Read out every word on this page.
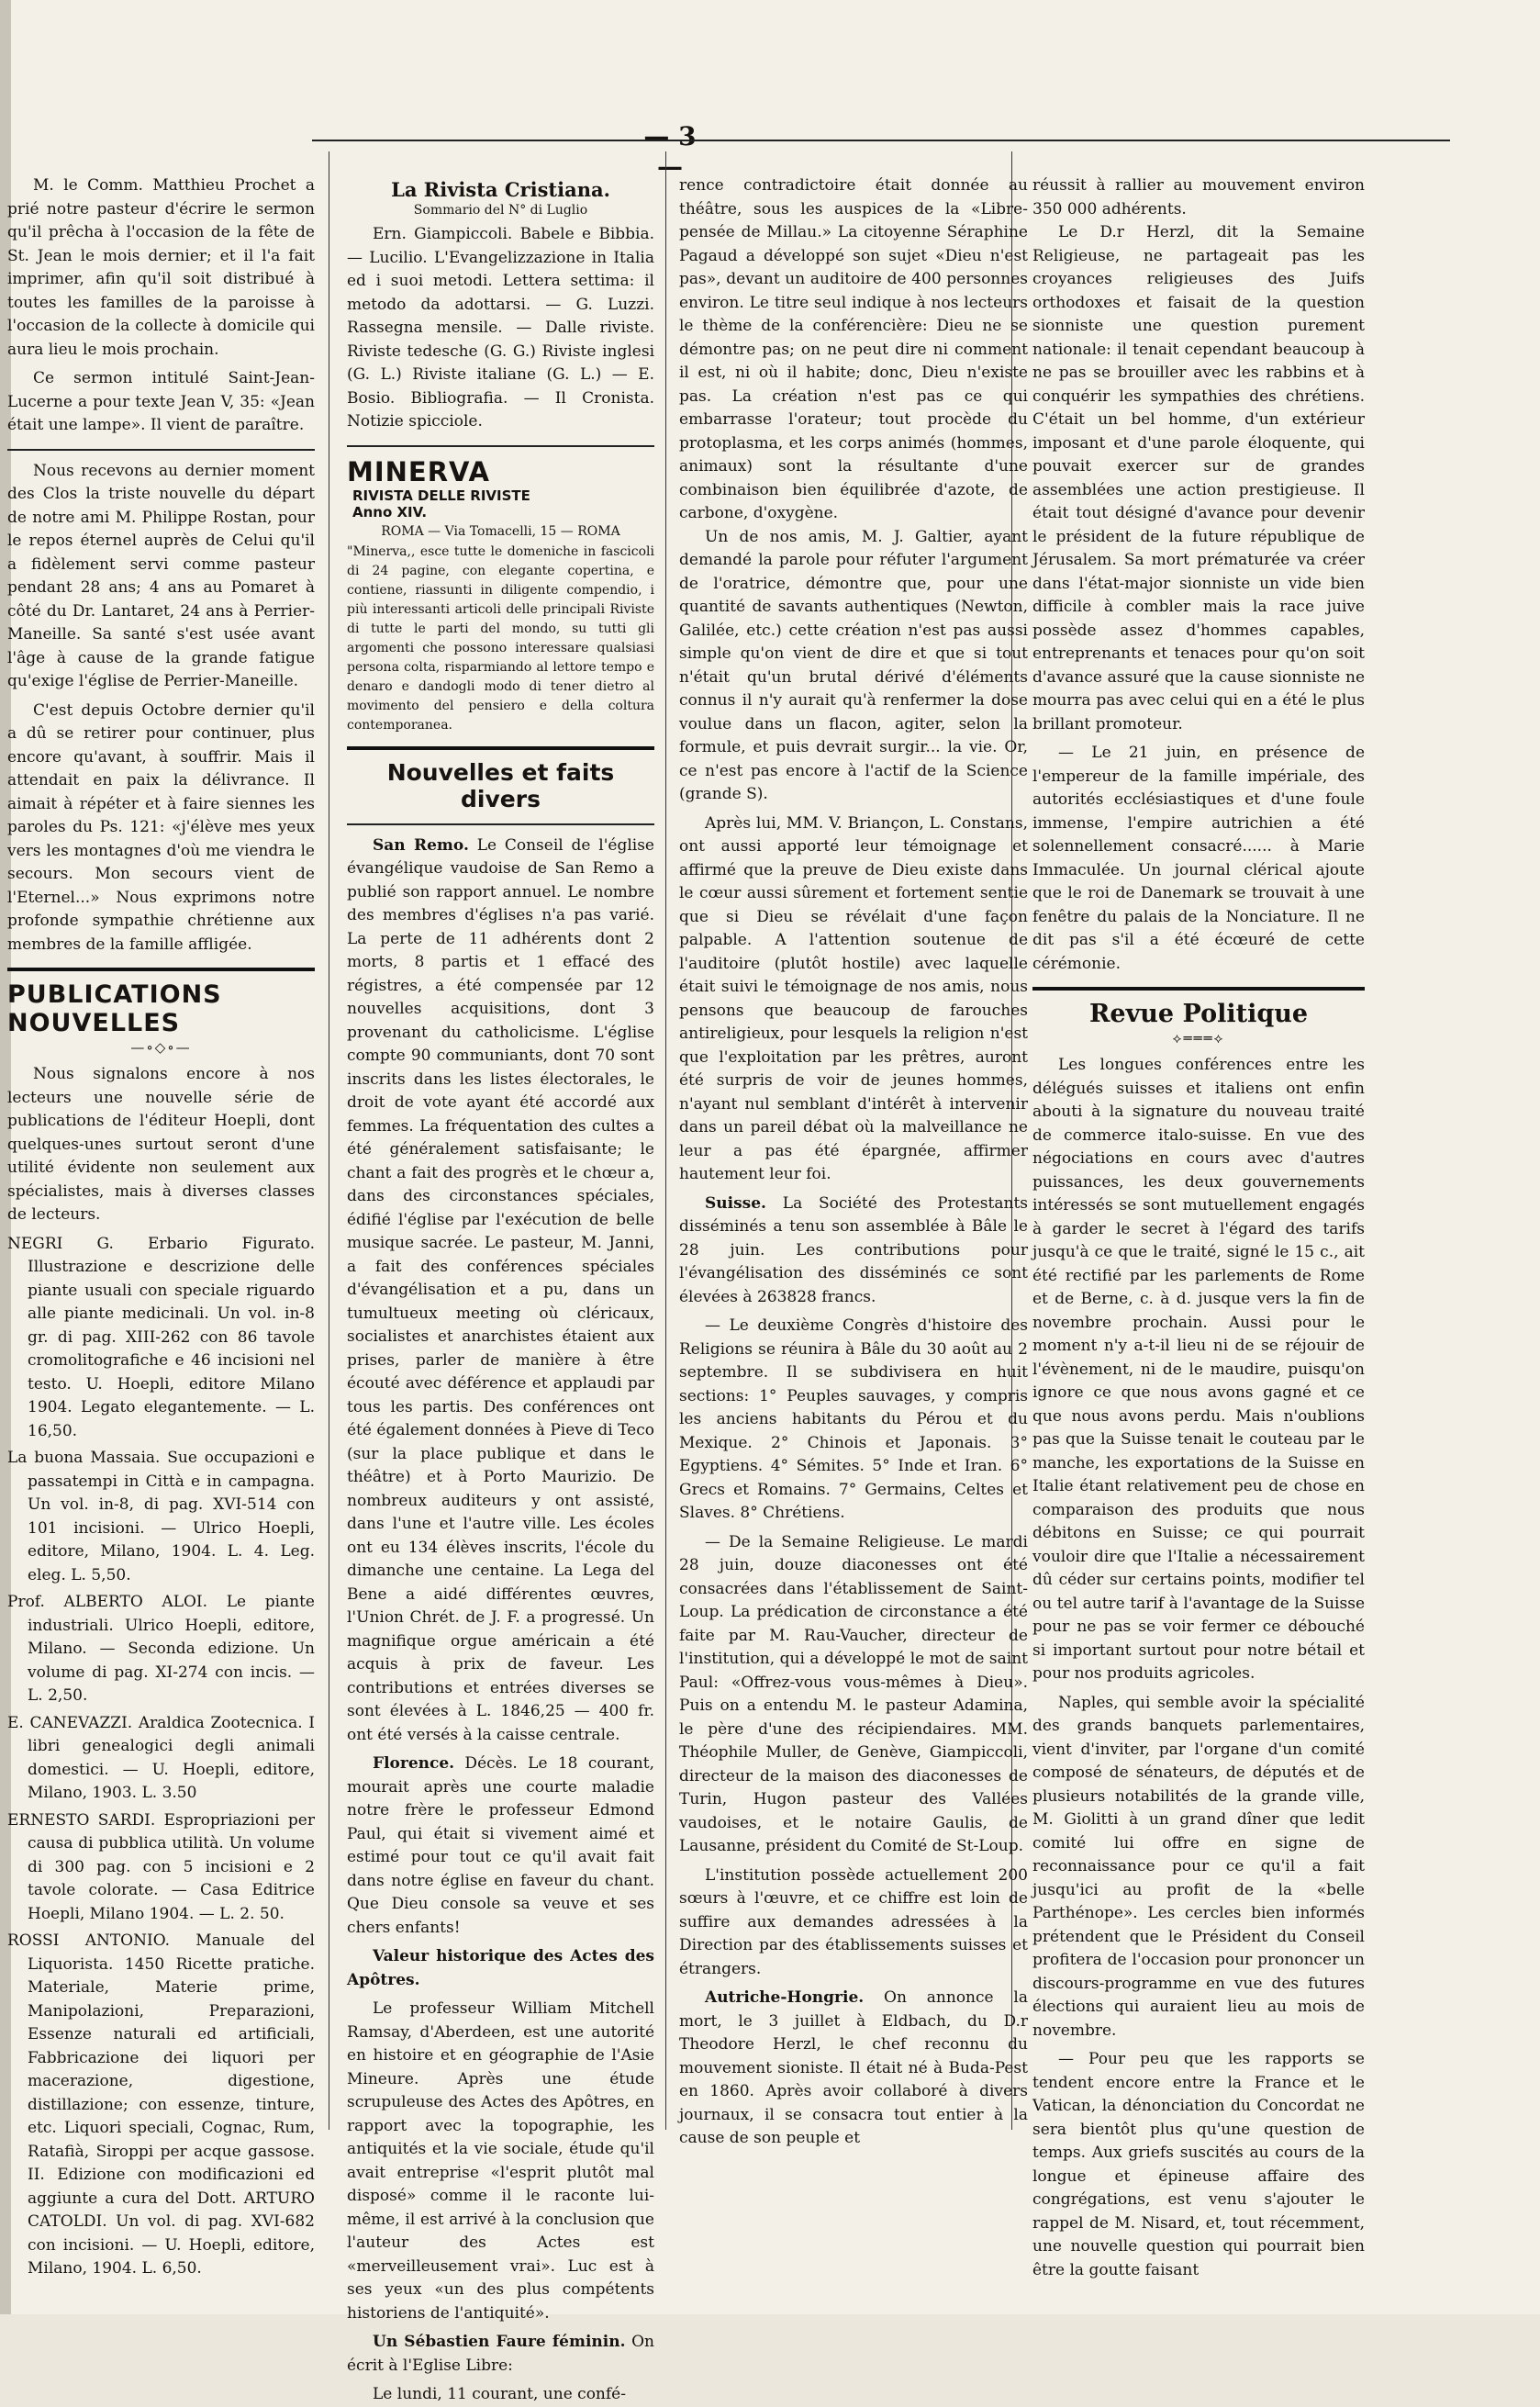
— 3 —

M. le Comm. Matthieu Prochet a prié notre pasteur d'écrire le sermon qu'il prêcha à l'occasion de la fête de St. Jean le mois dernier; et il l'a fait imprimer, afin qu'il soit distribué à toutes les familles de la paroisse à l'occasion de la collecte à domicile qui aura lieu le mois prochain.

Ce sermon intitulé Saint-Jean-Lucerne a pour texte Jean V, 35: «Jean était une lampe». Il vient de paraître.

Nous recevons au dernier moment des Clos la triste nouvelle du départ de notre ami M. Philippe Rostan, pour le repos éternel auprès de Celui qu'il a fidèlement servi comme pasteur pendant 28 ans; 4 ans au Pomaret à côté du Dr. Lantaret, 24 ans à Perrier-Maneille. Sa santé s'est usée avant l'âge à cause de la grande fatigue qu'exige l'église de Perrier-Maneille.

C'est depuis Octobre dernier qu'il a dû se retirer pour continuer, plus encore qu'avant, à souffrir. Mais il attendait en paix la délivrance. Il aimait à répéter et à faire siennes les paroles du Ps. 121: «j'élève mes yeux vers les montagnes d'où me viendra le secours. Mon secours vient de l'Eternel...» Nous exprimons notre profonde sympathie chrétienne aux membres de la famille affligée.

PUBLICATIONS NOUVELLES
—∘◇∘—

Nous signalons encore à nos lecteurs une nouvelle série de publications de l'éditeur Hoepli, dont quelques-unes surtout seront d'une utilité évidente non seulement aux spécialistes, mais à diverses classes de lecteurs.

NEGRI G. Erbario Figurato. Illustrazione e descrizione delle piante usuali con speciale riguardo alle piante medicinali. Un vol. in-8 gr. di pag. XIII-262 con 86 tavole cromolitografiche e 46 incisioni nel testo. U. Hoepli, editore Milano 1904. Legato elegantemente. — L. 16,50.

La buona Massaia. Sue occupazioni e passatempi in Città e in campagna. Un vol. in-8, di pag. XVI-514 con 101 incisioni. — Ulrico Hoepli, editore, Milano, 1904. L. 4. Leg. eleg. L. 5,50.

Prof. ALBERTO ALOI. Le piante industriali. Ulrico Hoepli, editore, Milano. — Seconda edizione. Un volume di pag. XI-274 con incis. — L. 2,50.

E. CANEVAZZI. Araldica Zootecnica. I libri genealogici degli animali domestici. — U. Hoepli, editore, Milano, 1903. L. 3.50

ERNESTO SARDI. Espropriazioni per causa di pubblica utilità. Un volume di 300 pag. con 5 incisioni e 2 tavole colorate. — Casa Editrice Hoepli, Milano 1904. — L. 2. 50.

ROSSI ANTONIO. Manuale del Liquorista. 1450 Ricette pratiche. Materiale, Materie prime, Manipolazioni, Preparazioni, Essenze naturali ed artificiali, Fabbricazione dei liquori per macerazione, digestione, distillazione; con essenze, tinture, etc. Liquori speciali, Cognac, Rum, Ratafià, Siroppi per acque gassose. II. Edizione con modificazioni ed aggiunte a cura del Dott. ARTURO CATOLDI. Un vol. di pag. XVI-682 con incisioni. — U. Hoepli, editore, Milano, 1904. L. 6,50.

La Rivista Cristiana.
Sommario del N° di Luglio

Ern. Giampiccoli. Babele e Bibbia. — Lucilio. L'Evangelizzazione in Italia ed i suoi metodi. Lettera settima: il metodo da adottarsi. — G. Luzzi. Rassegna mensile. — Dalle riviste. Riviste tedesche (G. G.) Riviste inglesi (G. L.) Riviste italiane (G. L.) — E. Bosio. Bibliografia. — Il Cronista. Notizie spicciole.

MINERVA RIVISTA DELLE RIVISTE
Anno XIV.
ROMA — Via Tomacelli, 15 — ROMA
"Minerva,, esce tutte le domeniche in fascicoli di 24 pagine, con elegante copertina, e contiene, riassunti in diligente compendio, i più interessanti articoli delle principali Riviste di tutte le parti del mondo, su tutti gli argomenti che possono interessare qualsiasi persona colta, risparmiando al lettore tempo e denaro e dandogli modo di tener dietro al movimento del pensiero e della coltura contemporanea.
Nouvelles et faits divers

San Remo. Le Conseil de l'église évangélique vaudoise de San Remo a publié son rapport annuel. Le nombre des membres d'églises n'a pas varié. La perte de 11 adhérents dont 2 morts, 8 partis et 1 effacé des régistres, a été compensée par 12 nouvelles acquisitions, dont 3 provenant du catholicisme. L'église compte 90 communiants, dont 70 sont inscrits dans les listes électorales, le droit de vote ayant été accordé aux femmes. La fréquentation des cultes a été généralement satisfaisante; le chant a fait des progrès et le chœur a, dans des circonstances spéciales, édifié l'église par l'exécution de belle musique sacrée. Le pasteur, M. Janni, a fait des conférences spéciales d'évangélisation et a pu, dans un tumultueux meeting où cléricaux, socialistes et anarchistes étaient aux prises, parler de manière à être écouté avec déférence et applaudi par tous les partis. Des conférences ont été également données à Pieve di Teco (sur la place publique et dans le théâtre) et à Porto Maurizio. De nombreux auditeurs y ont assisté, dans l'une et l'autre ville. Les écoles ont eu 134 élèves inscrits, l'école du dimanche une centaine. La Lega del Bene a aidé différentes œuvres, l'Union Chrét. de J. F. a progressé. Un magnifique orgue américain a été acquis à prix de faveur. Les contributions et entrées diverses se sont élevées à L. 1846,25 — 400 fr. ont été versés à la caisse centrale.

Florence. Décès. Le 18 courant, mourait après une courte maladie notre frère le professeur Edmond Paul, qui était si vivement aimé et estimé pour tout ce qu'il avait fait dans notre église en faveur du chant. Que Dieu console sa veuve et ses chers enfants!

Valeur historique des Actes des Apôtres.

Le professeur William Mitchell Ramsay, d'Aberdeen, est une autorité en histoire et en géographie de l'Asie Mineure. Après une étude scrupuleuse des Actes des Apôtres, en rapport avec la topographie, les antiquités et la vie sociale, étude qu'il avait entreprise «l'esprit plutôt mal disposé» comme il le raconte lui-même, il est arrivé à la conclusion que l'auteur des Actes est «merveilleusement vrai». Luc est à ses yeux «un des plus compétents historiens de l'antiquité».

Un Sébastien Faure féminin. On écrit à l'Eglise Libre:

Le lundi, 11 courant, une confé-

rence contradictoire était donnée au théâtre, sous les auspices de la «Libre-pensée de Millau.» La citoyenne Séraphine Pagaud a développé son sujet «Dieu n'est pas», devant un auditoire de 400 personnes environ. Le titre seul indique à nos lecteurs le thème de la conférencière: Dieu ne se démontre pas; on ne peut dire ni comment il est, ni où il habite; donc, Dieu n'existe pas. La création n'est pas ce qui embarrasse l'orateur; tout procède du protoplasma, et les corps animés (hommes, animaux) sont la résultante d'une combinaison bien équilibrée d'azote, de carbone, d'oxygène.

Un de nos amis, M. J. Galtier, ayant demandé la parole pour réfuter l'argument de l'oratrice, démontre que, pour une quantité de savants authentiques (Newton, Galilée, etc.) cette création n'est pas aussi simple qu'on vient de dire et que si tout n'était qu'un brutal dérivé d'éléments connus il n'y aurait qu'à renfermer la dose voulue dans un flacon, agiter, selon la formule, et puis devrait surgir... la vie. Or, ce n'est pas encore à l'actif de la Science (grande S).

Après lui, MM. V. Briançon, L. Constans, ont aussi apporté leur témoignage et affirmé que la preuve de Dieu existe dans le cœur aussi sûrement et fortement sentie que si Dieu se révélait d'une façon palpable. A l'attention soutenue de l'auditoire (plutôt hostile) avec laquelle était suivi le témoignage de nos amis, nous pensons que beaucoup de farouches antireligieux, pour lesquels la religion n'est que l'exploitation par les prêtres, auront été surpris de voir de jeunes hommes, n'ayant nul semblant d'intérêt à intervenir dans un pareil débat où la malveillance ne leur a pas été épargnée, affirmer hautement leur foi.

Suisse. La Société des Protestants disséminés a tenu son assemblée à Bâle le 28 juin. Les contributions pour l'évangélisation des disséminés ce sont élevées à 263828 francs.

— Le deuxième Congrès d'histoire des Religions se réunira à Bâle du 30 août au 2 septembre. Il se subdivisera en huit sections: 1° Peuples sauvages, y compris les anciens habitants du Pérou et du Mexique. 2° Chinois et Japonais. 3° Egyptiens. 4° Sémites. 5° Inde et Iran. 6° Grecs et Romains. 7° Germains, Celtes et Slaves. 8° Chrétiens.

— De la Semaine Religieuse. Le mardi 28 juin, douze diaconesses ont été consacrées dans l'établissement de Saint-Loup. La prédication de circonstance a été faite par M. Rau-Vaucher, directeur de l'institution, qui a développé le mot de saint Paul: «Offrez-vous vous-mêmes à Dieu». Puis on a entendu M. le pasteur Adamina, le père d'une des récipiendaires. MM. Théophile Muller, de Genève, Giampiccoli, directeur de la maison des diaconesses de Turin, Hugon pasteur des Vallées vaudoises, et le notaire Gaulis, de Lausanne, président du Comité de St-Loup.

L'institution possède actuellement 200 sœurs à l'œuvre, et ce chiffre est loin de suffire aux demandes adressées à la Direction par des établissements suisses et étrangers.

Autriche-Hongrie. On annonce la mort, le 3 juillet à Eldbach, du D.r Theodore Herzl, le chef reconnu du mouvement sioniste. Il était né à Buda-Pest en 1860. Après avoir collaboré à divers journaux, il se consacra tout entier à la cause de son peuple et

réussit à rallier au mouvement environ 350 000 adhérents.

Le D.r Herzl, dit la Semaine Religieuse, ne partageait pas les croyances religieuses des Juifs orthodoxes et faisait de la question sionniste une question purement nationale: il tenait cependant beaucoup à ne pas se brouiller avec les rabbins et à conquérir les sympathies des chrétiens. C'était un bel homme, d'un extérieur imposant et d'une parole éloquente, qui pouvait exercer sur de grandes assemblées une action prestigieuse. Il était tout désigné d'avance pour devenir le président de la future république de Jérusalem. Sa mort prématurée va créer dans l'état-major sionniste un vide bien difficile à combler mais la race juive possède assez d'hommes capables, entreprenants et tenaces pour qu'on soit d'avance assuré que la cause sionniste ne mourra pas avec celui qui en a été le plus brillant promoteur.

— Le 21 juin, en présence de l'empereur de la famille impériale, des autorités ecclésiastiques et d'une foule immense, l'empire autrichien a été solennellement consacré...... à Marie Immaculée. Un journal clérical ajoute que le roi de Danemark se trouvait à une fenêtre du palais de la Nonciature. Il ne dit pas s'il a été écœuré de cette cérémonie.

Revue Politique
⟡═══⟡

Les longues conférences entre les délégués suisses et italiens ont enfin abouti à la signature du nouveau traité de commerce italo-suisse. En vue des négociations en cours avec d'autres puissances, les deux gouvernements intéressés se sont mutuellement engagés à garder le secret à l'égard des tarifs jusqu'à ce que le traité, signé le 15 c., ait été rectifié par les parlements de Rome et de Berne, c. à d. jusque vers la fin de novembre prochain. Aussi pour le moment n'y a-t-il lieu ni de se réjouir de l'évènement, ni de le maudire, puisqu'on ignore ce que nous avons gagné et ce que nous avons perdu. Mais n'oublions pas que la Suisse tenait le couteau par le manche, les exportations de la Suisse en Italie étant relativement peu de chose en comparaison des produits que nous débitons en Suisse; ce qui pourrait vouloir dire que l'Italie a nécessairement dû céder sur certains points, modifier tel ou tel autre tarif à l'avantage de la Suisse pour ne pas se voir fermer ce débouché si important surtout pour notre bétail et pour nos produits agricoles.

Naples, qui semble avoir la spécialité des grands banquets parlementaires, vient d'inviter, par l'organe d'un comité composé de sénateurs, de députés et de plusieurs notabilités de la grande ville, M. Giolitti à un grand dîner que ledit comité lui offre en signe de reconnaissance pour ce qu'il a fait jusqu'ici au profit de la «belle Parthénope». Les cercles bien informés prétendent que le Président du Conseil profitera de l'occasion pour prononcer un discours-programme en vue des futures élections qui auraient lieu au mois de novembre.

— Pour peu que les rapports se tendent encore entre la France et le Vatican, la dénonciation du Concordat ne sera bientôt plus qu'une question de temps. Aux griefs suscités au cours de la longue et épineuse affaire des congrégations, est venu s'ajouter le rappel de M. Nisard, et, tout récemment, une nouvelle question qui pourrait bien être la goutte faisant
